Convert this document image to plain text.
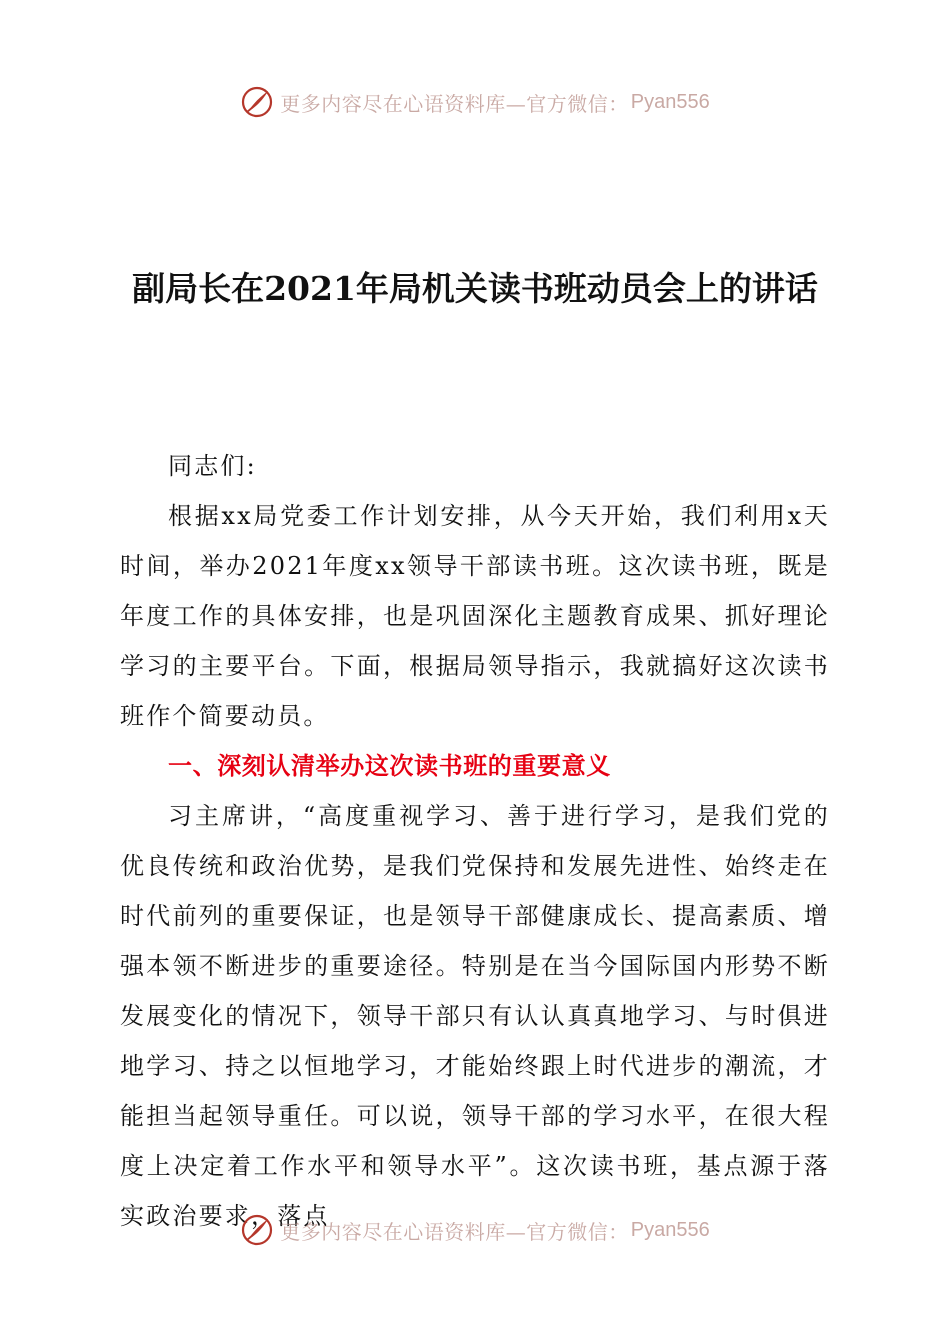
更多内容尽在心语资料库—官方微信： Pyan556
副局长在2021年局机关读书班动员会上的讲话

同志们:

根据xx局党委工作计划安排，从今天开始，我们利用x天时间，举办2021年度xx领导干部读书班。这次读书班，既是年度工作的具体安排，也是巩固深化主题教育成果、抓好理论学习的主要平台。下面，根据局领导指示，我就搞好这次读书班作个简要动员。

一、深刻认清举办这次读书班的重要意义

习主席讲，“高度重视学习、善于进行学习，是我们党的优良传统和政治优势，是我们党保持和发展先进性、始终走在时代前列的重要保证，也是领导干部健康成长、提高素质、增强本领不断进步的重要途径。特别是在当今国际国内形势不断发展变化的情况下，领导干部只有认认真真地学习、与时俱进地学习、持之以恒地学习，才能始终跟上时代进步的潮流，才能担当起领导重任。可以说，领导干部的学习水平，在很大程度上决定着工作水平和领导水平”。这次读书班，基点源于落实政治要求，落点

更多内容尽在心语资料库—官方微信： Pyan556
